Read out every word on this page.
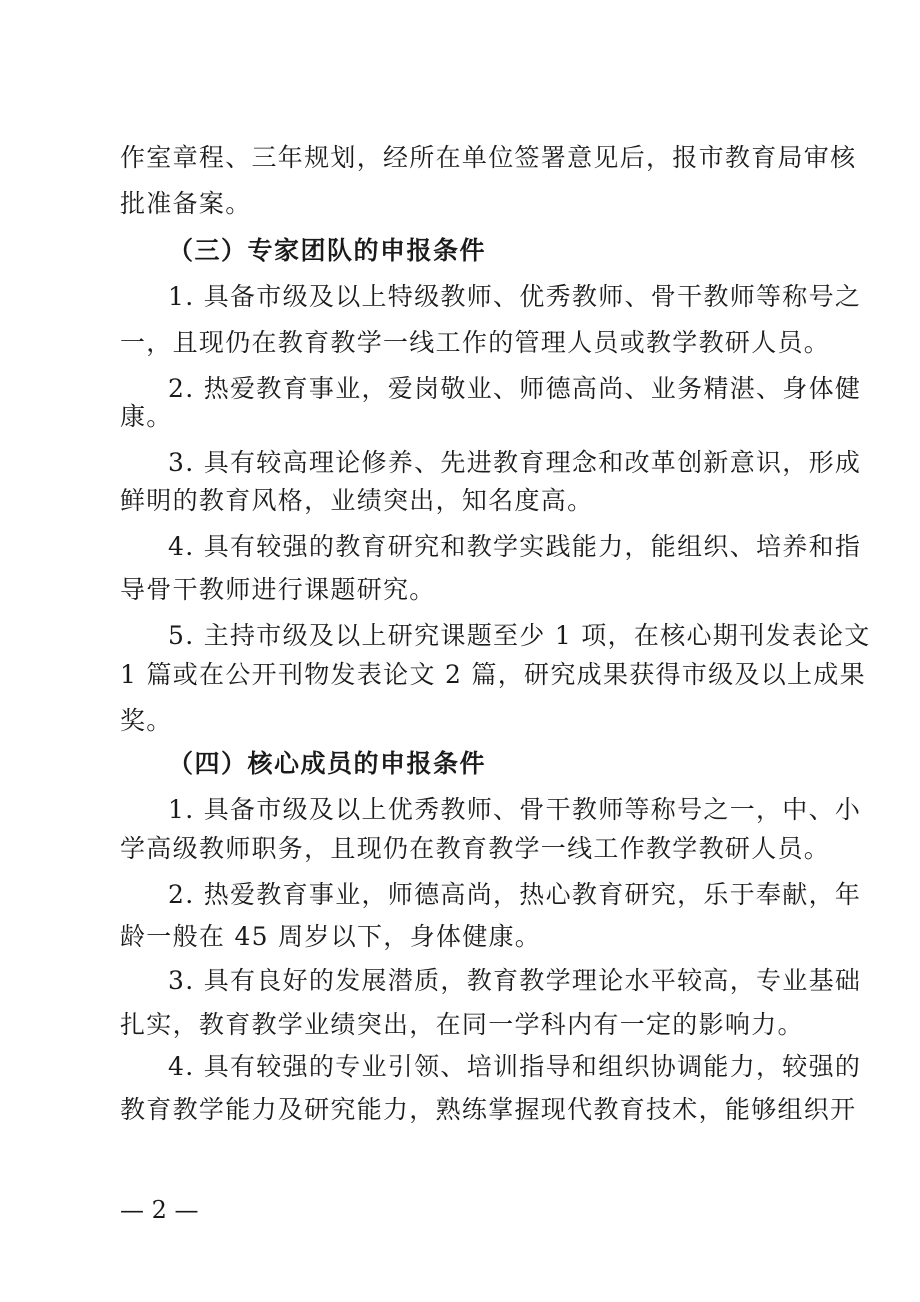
作室章程、三年规划，经所在单位签署意见后，报市教育局审核
批准备案。
（三）专家团队的申报条件
1. 具备市级及以上特级教师、优秀教师、骨干教师等称号之
一，且现仍在教育教学一线工作的管理人员或教学教研人员。
2. 热爱教育事业，爱岗敬业、师德高尚、业务精湛、身体健
康。
3. 具有较高理论修养、先进教育理念和改革创新意识，形成
鲜明的教育风格，业绩突出，知名度高。
4. 具有较强的教育研究和教学实践能力，能组织、培养和指
导骨干教师进行课题研究。
5. 主持市级及以上研究课题至少 1 项，在核心期刊发表论文
1 篇或在公开刊物发表论文 2 篇，研究成果获得市级及以上成果
奖。
（四）核心成员的申报条件
1. 具备市级及以上优秀教师、骨干教师等称号之一，中、小
学高级教师职务，且现仍在教育教学一线工作教学教研人员。
2. 热爱教育事业，师德高尚，热心教育研究，乐于奉献，年
龄一般在 45 周岁以下，身体健康。
3. 具有良好的发展潜质，教育教学理论水平较高，专业基础
扎实，教育教学业绩突出，在同一学科内有一定的影响力。
4. 具有较强的专业引领、培训指导和组织协调能力，较强的
教育教学能力及研究能力，熟练掌握现代教育技术，能够组织开
— 2 —
